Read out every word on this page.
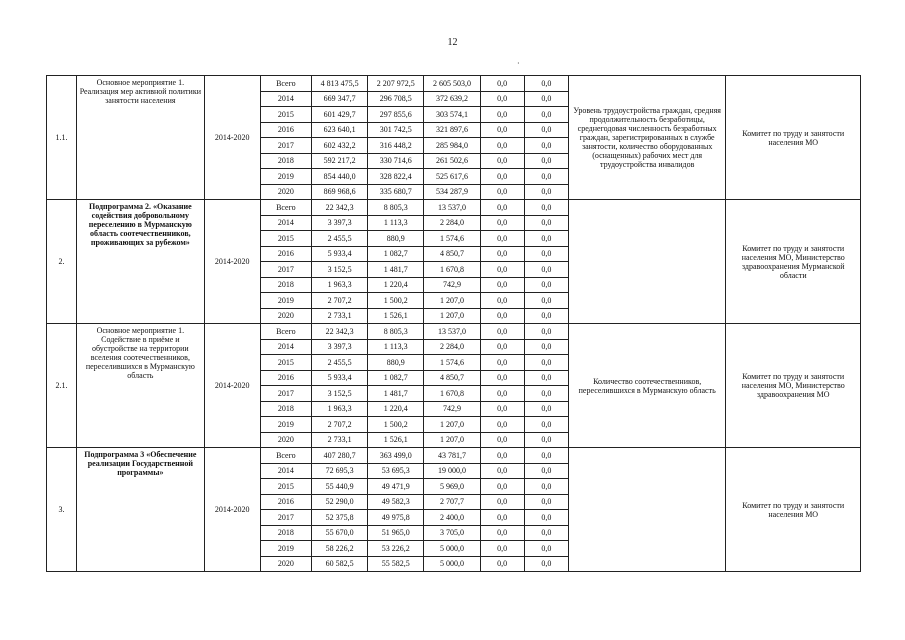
12
·
1.1.	Основное мероприятие 1. Реализация мер активной политики занятости населения	2014-2020	Всего	4 813 475,5	2 207 972,5	2 605 503,0	0,0	0,0	Уровень трудоустройства граждан, средняя продолжительность безработицы, среднегодовая численность безработных граждан, зарегистрированных в службе занятости, количество оборудованных (оснащенных) рабочих мест для трудоустройства инвалидов	Комитет по труду и занятости населения МО
			2014	669 347,7	296 708,5	372 639,2	0,0	0,0		
			2015	601 429,7	297 855,6	303 574,1	0,0	0,0		
			2016	623 640,1	301 742,5	321 897,6	0,0	0,0		
			2017	602 432,2	316 448,2	285 984,0	0,0	0,0		
			2018	592 217,2	330 714,6	261 502,6	0,0	0,0		
			2019	854 440,0	328 822,4	525 617,6	0,0	0,0		
			2020	869 968,6	335 680,7	534 287,9	0,0	0,0		
2.	Подпрограмма 2. «Оказание содействия добровольному переселению в Мурманскую область соотечественников, проживающих за рубежом»	2014-2020	Всего	22 342,3	8 805,3	13 537,0	0,0	0,0		Комитет по труду и занятости населения МО, Министерство здравоохранения Мурманской области
			2014	3 397,3	1 113,3	2 284,0	0,0	0,0		
			2015	2 455,5	880,9	1 574,6	0,0	0,0		
			2016	5 933,4	1 082,7	4 850,7	0,0	0,0		
			2017	3 152,5	1 481,7	1 670,8	0,0	0,0		
			2018	1 963,3	1 220,4	742,9	0,0	0,0		
			2019	2 707,2	1 500,2	1 207,0	0,0	0,0		
			2020	2 733,1	1 526,1	1 207,0	0,0	0,0		
2.1.	Основное мероприятие 1. Содействие в приёме и обустройстве на территории вселения соотечественников, переселившихся в Мурманскую область	2014-2020	Всего	22 342,3	8 805,3	13 537,0	0,0	0,0	Количество соотечественников, переселившихся в Мурманскую область	Комитет по труду и занятости населения МО, Министерство здравоохранения МО
			2014	3 397,3	1 113,3	2 284,0	0,0	0,0		
			2015	2 455,5	880,9	1 574,6	0,0	0,0		
			2016	5 933,4	1 082,7	4 850,7	0,0	0,0		
			2017	3 152,5	1 481,7	1 670,8	0,0	0,0		
			2018	1 963,3	1 220,4	742,9	0,0	0,0		
			2019	2 707,2	1 500,2	1 207,0	0,0	0,0		
			2020	2 733,1	1 526,1	1 207,0	0,0	0,0		
3.	Подпрограмма 3 «Обеспечение реализации Государственной программы»	2014-2020	Всего	407 280,7	363 499,0	43 781,7	0,0	0,0		Комитет по труду и занятости населения МО
			2014	72 695,3	53 695,3	19 000,0	0,0	0,0		
			2015	55 440,9	49 471,9	5 969,0	0,0	0,0		
			2016	52 290,0	49 582,3	2 707,7	0,0	0,0		
			2017	52 375,8	49 975,8	2 400,0	0,0	0,0		
			2018	55 670,0	51 965,0	3 705,0	0,0	0,0		
			2019	58 226,2	53 226,2	5 000,0	0,0	0,0		
			2020	60 582,5	55 582,5	5 000,0	0,0	0,0		
